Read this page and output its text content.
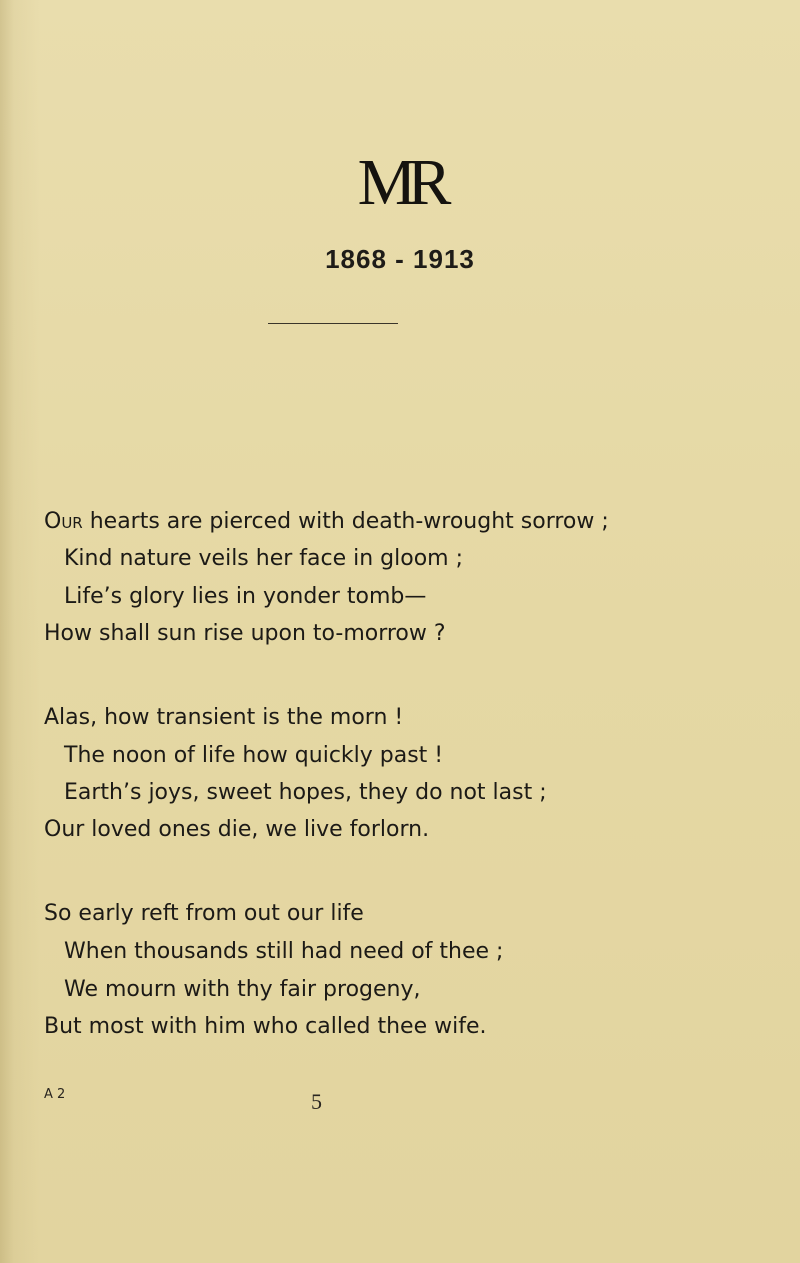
MR
1868 - 1913
Our hearts are pierced with death-wrought sorrow ;
Kind nature veils her face in gloom ;
Life’s glory lies in yonder tomb—
How shall sun rise upon to-morrow ?
Alas, how transient is the morn !
The noon of life how quickly past !
Earth’s joys, sweet hopes, they do not last ;
Our loved ones die, we live forlorn.
So early reft from out our life
When thousands still had need of thee ;
We mourn with thy fair progeny,
But most with him who called thee wife.
A 2	5
